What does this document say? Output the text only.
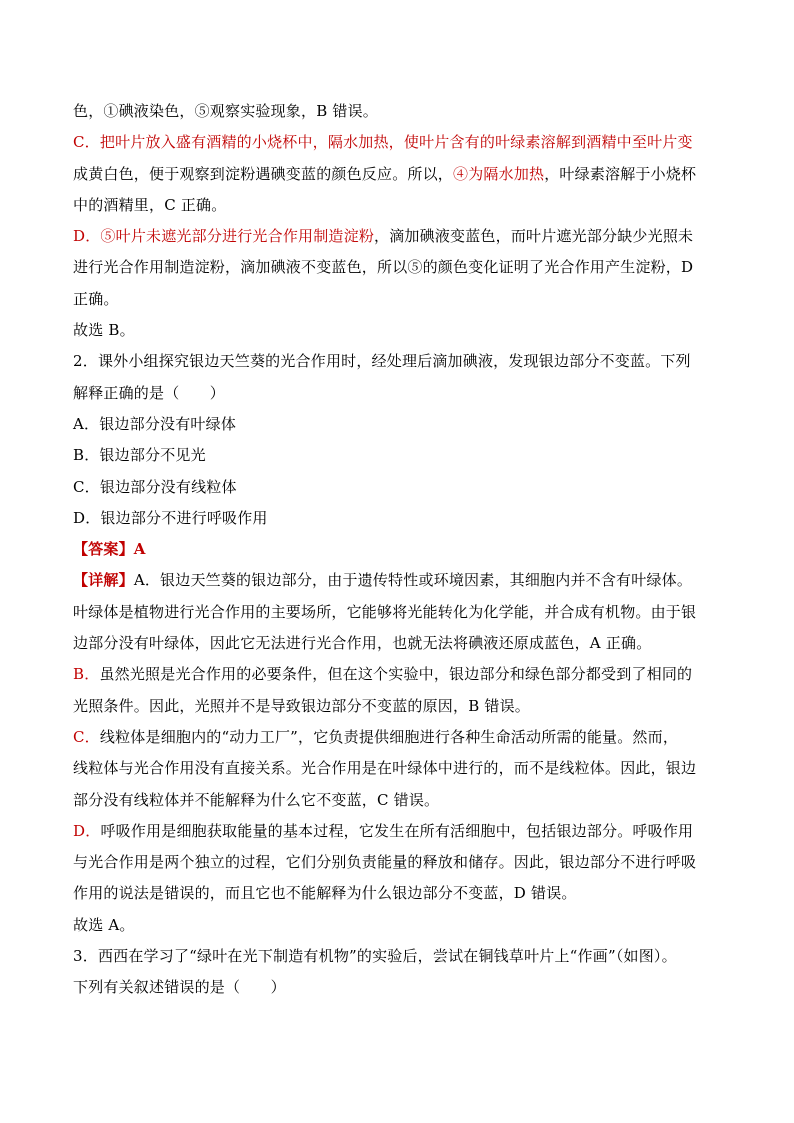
色，①碘液染色，⑤观察实验现象，B 错误。
C．把叶片放入盛有酒精的小烧杯中，隔水加热，使叶片含有的叶绿素溶解到酒精中至叶片变
成黄白色，便于观察到淀粉遇碘变蓝的颜色反应。所以，④为隔水加热，叶绿素溶解于小烧杯
中的酒精里，C 正确。
D．⑤叶片未遮光部分进行光合作用制造淀粉，滴加碘液变蓝色，而叶片遮光部分缺少光照未
进行光合作用制造淀粉，滴加碘液不变蓝色，所以⑤的颜色变化证明了光合作用产生淀粉，D
正确。
故选 B。
2．课外小组探究银边天竺葵的光合作用时，经处理后滴加碘液，发现银边部分不变蓝。下列
解释正确的是（　　）
A．银边部分没有叶绿体
B．银边部分不见光
C．银边部分没有线粒体
D．银边部分不进行呼吸作用
【答案】A
【详解】A．银边天竺葵的银边部分，由于遗传特性或环境因素，其细胞内并不含有叶绿体。
叶绿体是植物进行光合作用的主要场所，它能够将光能转化为化学能，并合成有机物。由于银
边部分没有叶绿体，因此它无法进行光合作用，也就无法将碘液还原成蓝色，A 正确。
B．虽然光照是光合作用的必要条件，但在这个实验中，银边部分和绿色部分都受到了相同的
光照条件。因此，光照并不是导致银边部分不变蓝的原因，B 错误。
C．线粒体是细胞内的“动力工厂”，它负责提供细胞进行各种生命活动所需的能量。然而，
线粒体与光合作用没有直接关系。光合作用是在叶绿体中进行的，而不是线粒体。因此，银边
部分没有线粒体并不能解释为什么它不变蓝，C 错误。
D．呼吸作用是细胞获取能量的基本过程，它发生在所有活细胞中，包括银边部分。呼吸作用
与光合作用是两个独立的过程，它们分别负责能量的释放和储存。因此，银边部分不进行呼吸
作用的说法是错误的，而且它也不能解释为什么银边部分不变蓝，D 错误。
故选 A。
3．西西在学习了“绿叶在光下制造有机物”的实验后，尝试在铜钱草叶片上“作画”（如图）。
下列有关叙述错误的是（　　）
